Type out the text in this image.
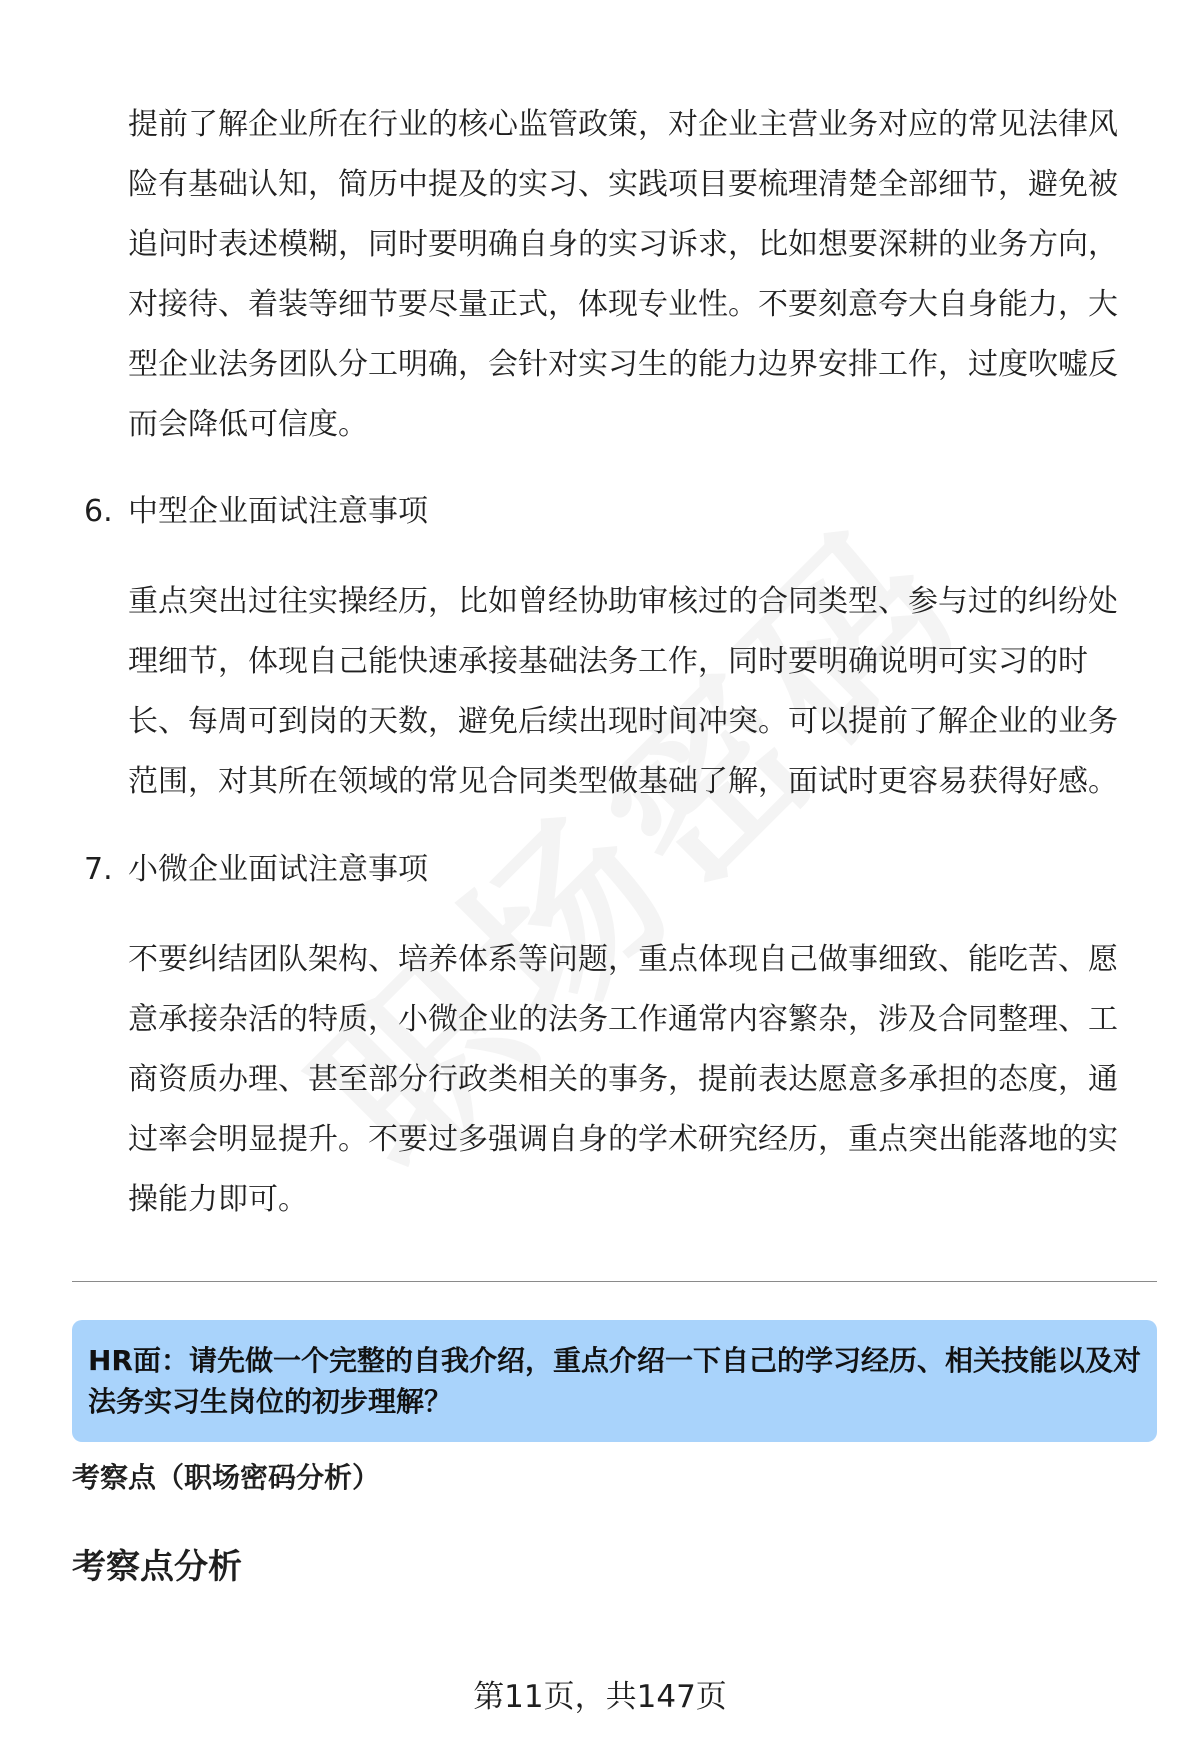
提前了解企业所在行业的核心监管政策，对企业主营业务对应的常见法律风险有基础认知，简历中提及的实习、实践项目要梳理清楚全部细节，避免被追问时表述模糊，同时要明确自身的实习诉求，比如想要深耕的业务方向，对接待、着装等细节要尽量正式，体现专业性。不要刻意夸大自身能力，大型企业法务团队分工明确，会针对实习生的能力边界安排工作，过度吹嘘反而会降低可信度。

6. 中型企业面试注意事项

重点突出过往实操经历，比如曾经协助审核过的合同类型、参与过的纠纷处理细节，体现自己能快速承接基础法务工作，同时要明确说明可实习的时长、每周可到岗的天数，避免后续出现时间冲突。可以提前了解企业的业务范围，对其所在领域的常见合同类型做基础了解，面试时更容易获得好感。

7. 小微企业面试注意事项

不要纠结团队架构、培养体系等问题，重点体现自己做事细致、能吃苦、愿意承接杂活的特质，小微企业的法务工作通常内容繁杂，涉及合同整理、工商资质办理、甚至部分行政类相关的事务，提前表达愿意多承担的态度，通过率会明显提升。不要过多强调自身的学术研究经历，重点突出能落地的实操能力即可。

HR面：请先做一个完整的自我介绍，重点介绍一下自己的学习经历、相关技能以及对法务实习生岗位的初步理解？
考察点（职场密码分析）
考察点分析
第11页，共147页
